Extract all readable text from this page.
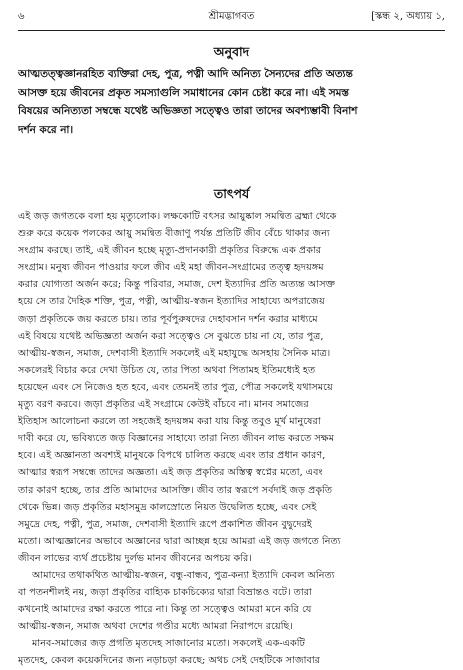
৬	শ্রীমদ্ভাগবত	[স্কন্ধ ২, অধ্যায় ১,
অনুবাদ
আত্মতত্ত্বজ্ঞানরহিত ব্যক্তিরা দেহ, পুত্র, পত্নী আদি অনিত্য সৈন্যদের প্রতি অত্যন্ত
আসক্ত হয়ে জীবনের প্রকৃত সমস্যাগুলি সমাধানের কোন চেষ্টা করে না। এই সমস্ত
বিষয়ের অনিত্যতা সম্বন্ধে যথেষ্ট অভিজ্ঞতা সত্ত্বেও তারা তাদের অবশ্যম্ভাবী বিনাশ
দর্শন করে না।
তাৎপর্য
এই জড় জগতকে বলা হয় মৃত্যুলোক। লক্ষকোটি বৎসর আয়ুষ্কাল সমন্বিত ব্রহ্মা থেকে
শুরু করে কয়েক পলকের আয়ু সমন্বিত বীজাণু পর্যন্ত প্রতিটি জীব বেঁচে থাকার জন্য
সংগ্রাম করছে। তাই, এই জীবন হচ্ছে মৃত্যু-প্রদানকারী প্রকৃতির বিরুদ্ধে এক প্রকার
সংগ্রাম। মনুষ্য জীবন পাওয়ার ফলে জীব এই মহা জীবন-সংগ্রামের তত্ত্ব হৃদয়ঙ্গম
করার যোগ্যতা অর্জন করে; কিন্তু পরিবার, সমাজ, দেশ ইত্যাদির প্রতি অত্যন্ত আসক্ত
হয়ে সে তার দৈহিক শক্তি, পুত্র, পত্নী, আত্মীয়-স্বজন ইত্যাদির সাহায্যে অপরাজেয়
জড়া প্রকৃতিকে জয় করতে চায়। তার পূর্বপুরুষদের দেহাবসান দর্শন করার মাধ্যমে
এই বিষয়ে যথেষ্ট অভিজ্ঞতা অর্জন করা সত্ত্বেও সে বুঝতে চায় না যে, তার পুত্র,
আত্মীয়-স্বজন, সমাজ, দেশবাসী ইত্যাদি সকলেই এই মহাযুদ্ধে অসহায় সৈনিক মাত্র।
সকলেরই বিচার করে দেখা উচিত যে, তার পিতা অথবা পিতামহ ইতিমধ্যেই হত
হয়েছেন এবং সে নিজেও হত হবে, এবং তেমনই তার পুত্র, পৌত্র সকলেই যথাসময়ে
মৃত্যু বরণ করবে। জড়া প্রকৃতির এই সংগ্রামে কেউই বাঁচবে না। মানব সমাজের
ইতিহাস আলোচনা করলে তা সহজেই হৃদয়ঙ্গম করা যায় কিন্তু তবুও মূর্খ মানুষেরা
দাবী করে যে, ভবিষ্যতে জড় বিজ্ঞানের সাহায্যে তারা নিত্য জীবন লাভ করতে সক্ষম
হবে। এই অজ্ঞানতা অবশ্যই মানুষকে বিপথে চালিত করছে এবং তার প্রধান কারণ,
আত্মার স্বরূপ সম্বন্ধে তাদের অজ্ঞতা। এই জড় প্রকৃতির অস্তিত্ব স্বপ্নের মতো, এবং
তার কারণ হচ্ছে, তার প্রতি আমাদের আসক্তি। জীব তার স্বরূপে সর্বদাই জড় প্রকৃতি
থেকে ভিন্ন। জড় প্রকৃতির মহাসমুদ্র কালস্রোতে নিয়ত উদ্বেলিত হচ্ছে, এবং সেই
সমুদ্রে দেহ, পত্নী, পুত্র, সমাজ, দেশবাসী ইত্যাদি রূপে প্রকাশিত জীবন বুদ্বুদেরই
মতো। আত্মজ্ঞানের অভাবে অজ্ঞানের দ্বারা আচ্ছন্ন হয়ে আমরা এই জড় জগতে নিত্য
জীবন লাভের ব্যর্থ প্রচেষ্টায় দুর্লভ মানব জীবনের অপচয় করি।
আমাদের তথাকথিত আত্মীয়-স্বজন, বন্ধু-বান্ধব, পুত্র-কন্যা ইত্যাদি কেবল অনিত্য
বা পতনশীলই নয়, জড়া প্রকৃতির বাহ্যিক চাকচিক্যের দ্বারা বিভ্রান্তও বটে। তারা
কখনোই আমাদের রক্ষা করতে পারে না। কিন্তু তা সত্ত্বেও আমরা মনে করি যে
আত্মীয়-স্বজন, সমাজ অথবা দেশের গণ্ডীর মধ্যে আমরা নিরাপদে রয়েছি।
মানব-সমাজের জড় প্রগতি মৃতদেহ সাজানোর মতো। সকলেই এক-একটি
মৃতদেহ, কেবল কয়েকদিনের জন্য নড়াচড়া করছে; অথচ সেই দেহটিকে সাজাবার
